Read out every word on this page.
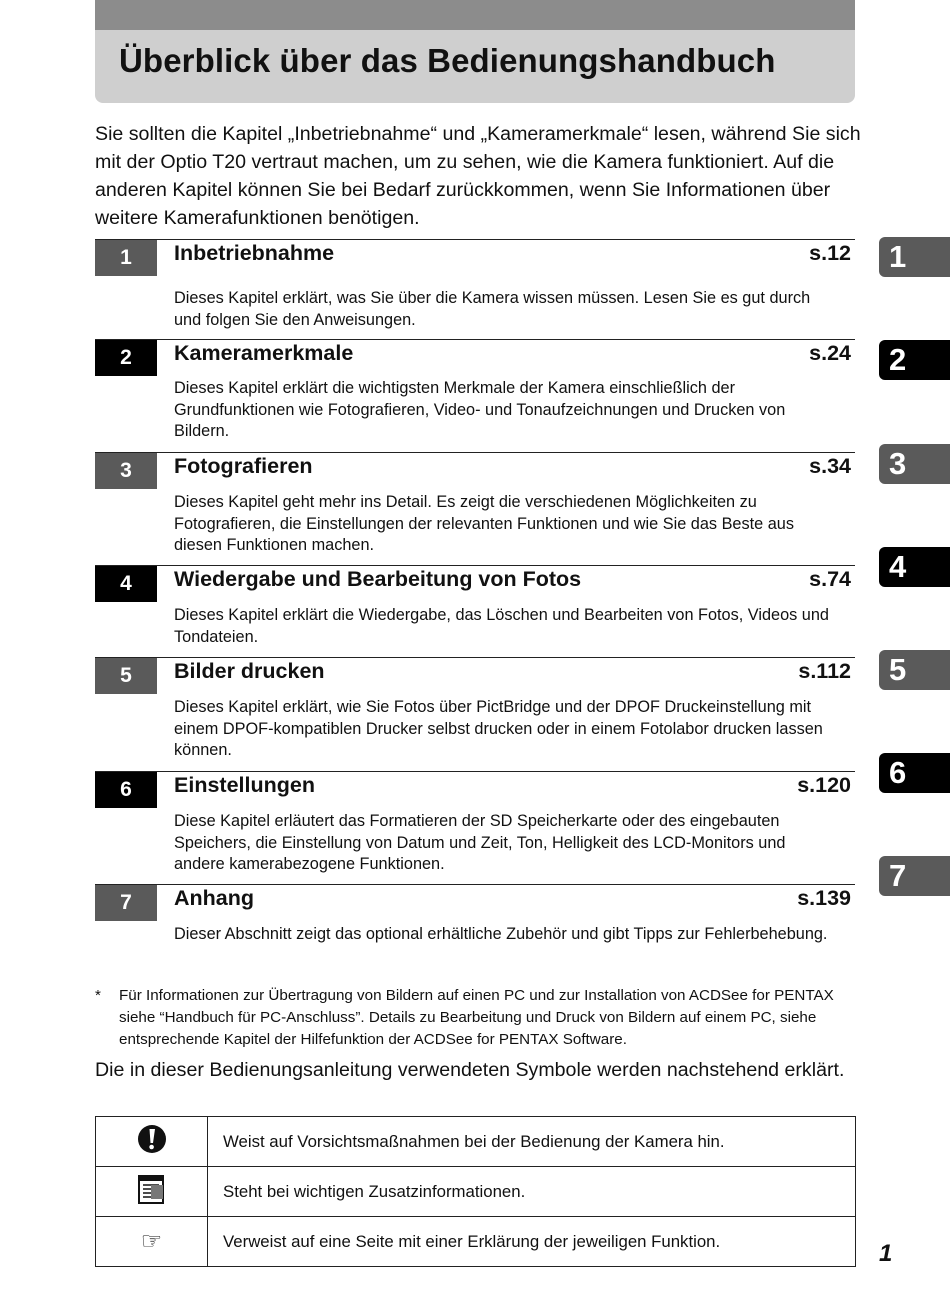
Überblick über das Bedienungshandbuch

Sie sollten die Kapitel „Inbetriebnahme“ und „Kameramerkmale“ lesen, während Sie sich mit der Optio T20 vertraut machen, um zu sehen, wie die Kamera funktioniert. Auf die anderen Kapitel können Sie bei Bedarf zurückkommen, wenn Sie Informationen über weitere Kamerafunktionen benötigen.

1	Inbetriebnahme	s.12

Dieses Kapitel erklärt, was Sie über die Kamera wissen müssen. Lesen Sie es gut durch und folgen Sie den Anweisungen.

2	Kameramerkmale	s.24

Dieses Kapitel erklärt die wichtigsten Merkmale der Kamera einschließlich der Grundfunktionen wie Fotografieren, Video- und Tonaufzeichnungen und Drucken von Bildern.

3	Fotografieren	s.34

Dieses Kapitel geht mehr ins Detail. Es zeigt die verschiedenen Möglichkeiten zu Fotografieren, die Einstellungen der relevanten Funktionen und wie Sie das Beste aus diesen Funktionen machen.

4	Wiedergabe und Bearbeitung von Fotos	s.74

Dieses Kapitel erklärt die Wiedergabe, das Löschen und Bearbeiten von Fotos, Videos und Tondateien.

5	Bilder drucken	s.112

Dieses Kapitel erklärt, wie Sie Fotos über PictBridge und der DPOF Druckeinstellung mit einem DPOF-kompatiblen Drucker selbst drucken oder in einem Fotolabor drucken lassen können.

6	Einstellungen	s.120

Diese Kapitel erläutert das Formatieren der SD Speicherkarte oder des eingebauten Speichers, die Einstellung von Datum und Zeit, Ton, Helligkeit des LCD-Monitors und andere kamerabezogene Funktionen.

7	Anhang	s.139

Dieser Abschnitt zeigt das optional erhältliche Zubehör und gibt Tipps zur Fehlerbehebung.

1
2
3
4
5
6
7
* Für Informationen zur Übertragung von Bildern auf einen PC und zur Installation von ACDSee for PENTAX siehe “Handbuch für PC-Anschluss”. Details zu Bearbeitung und Druck von Bildern auf einem PC, siehe entsprechende Kapitel der Hilfefunktion der ACDSee for PENTAX Software.

Die in dieser Bedienungsanleitung verwendeten Symbole werden nachstehend erklärt.

	Weist auf Vorsichtsmaßnahmen bei der Bedienung der Kamera hin.
	Steht bei wichtigen Zusatzinformationen.
☞	Verweist auf eine Seite mit einer Erklärung der jeweiligen Funktion.	1
